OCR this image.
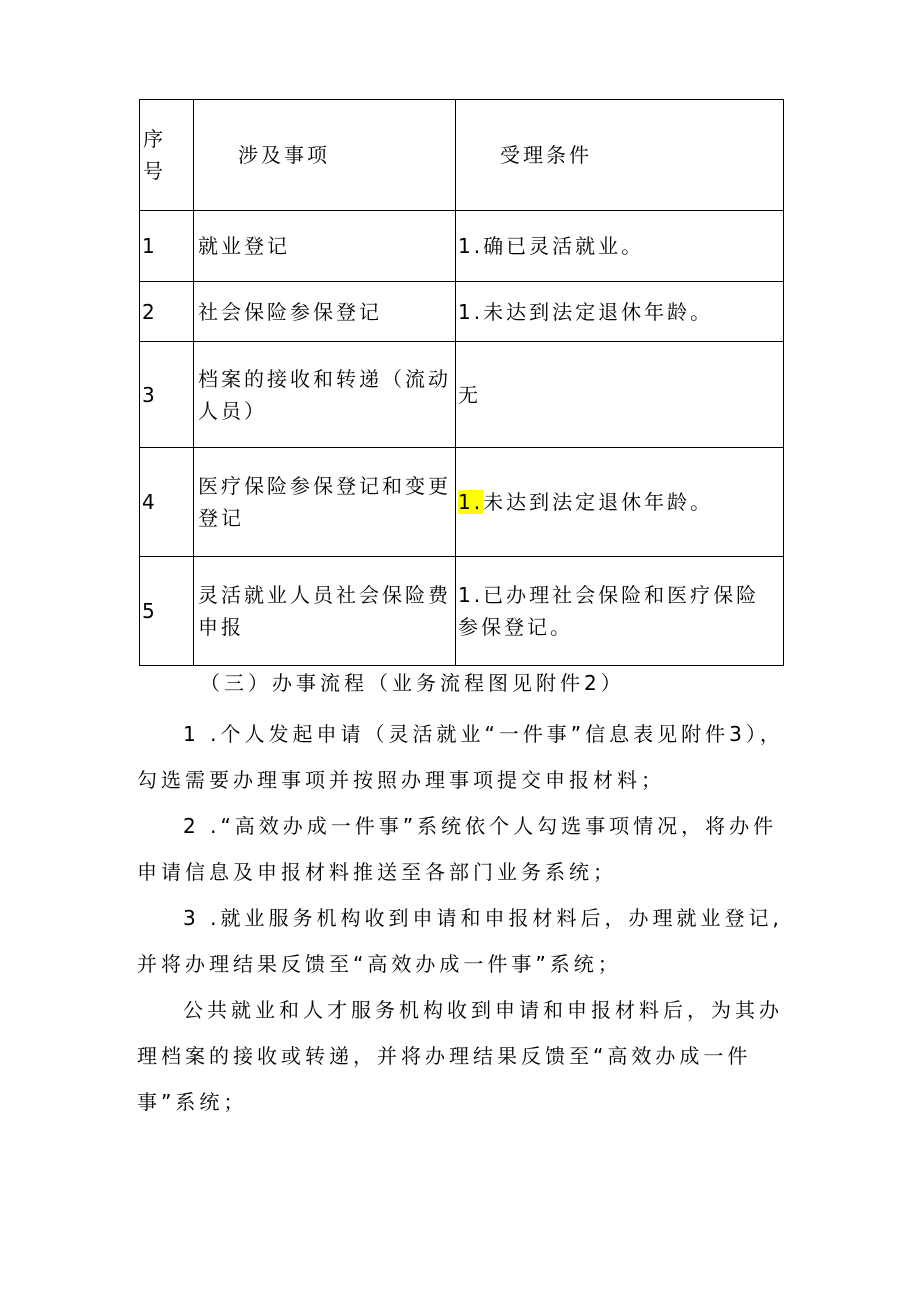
序号	涉及事项	受理条件
1	就业登记	1.确已灵活就业。
2	社会保险参保登记	1.未达到法定退休年龄。
3	档案的接收和转递（流动人员）	无
4	医疗保险参保登记和变更登记	1.未达到法定退休年龄。
5	灵活就业人员社会保险费申报	1.已办理社会保险和医疗保险参保登记。

（三）办事流程（业务流程图见附件2）

1 .个人发起申请（灵活就业“一件事”信息表见附件3），勾选需要办理事项并按照办理事项提交申报材料；

2 .“高效办成一件事”系统依个人勾选事项情况，将办件申请信息及申报材料推送至各部门业务系统；

3 .就业服务机构收到申请和申报材料后，办理就业登记,并将办理结果反馈至“高效办成一件事”系统；

公共就业和人才服务机构收到申请和申报材料后，为其办理档案的接收或转递，并将办理结果反馈至“高效办成一件事”系统；
